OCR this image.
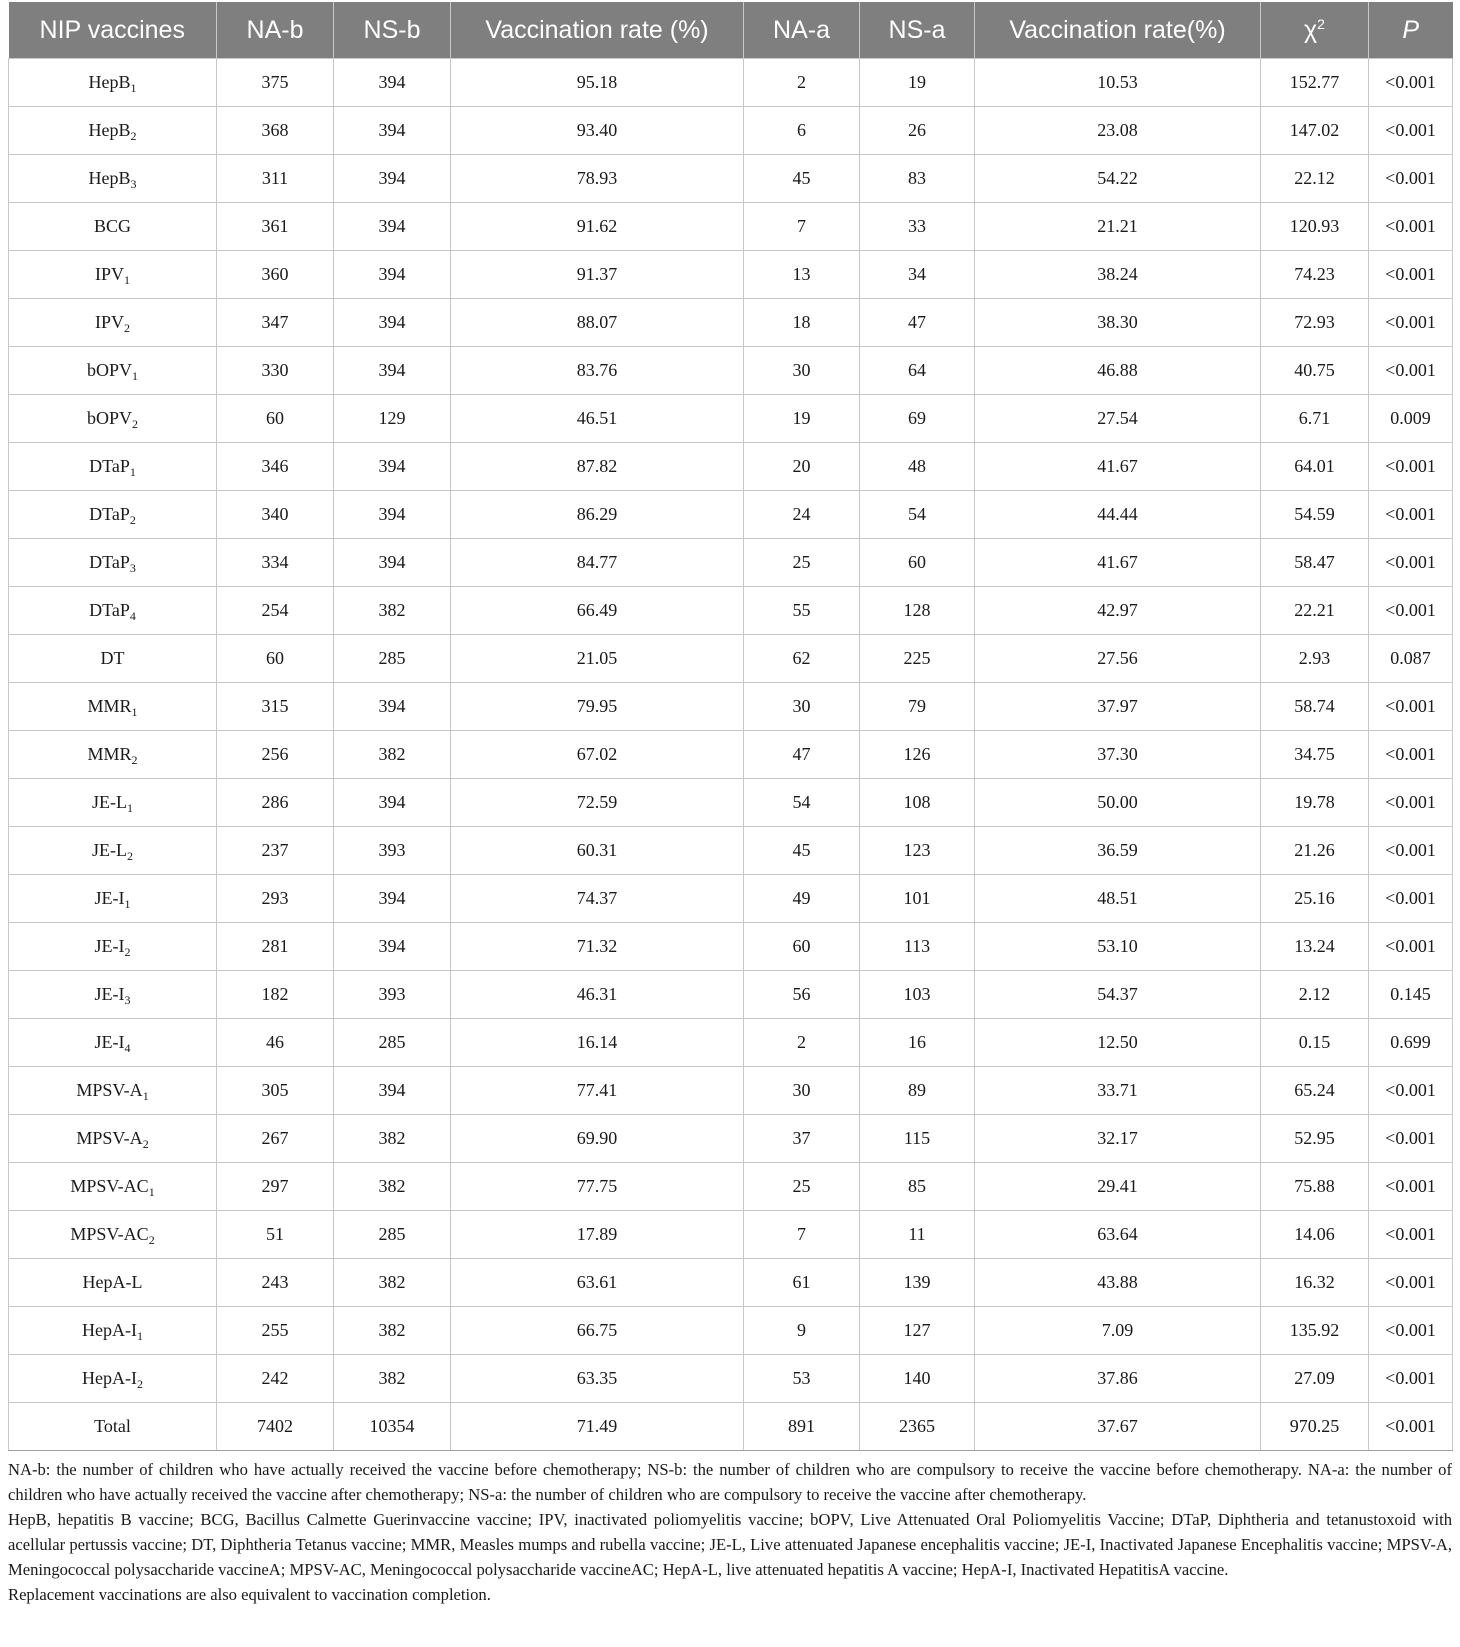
NIP vaccines	NA-b	NS-b	Vaccination rate (%)	NA-a	NS-a	Vaccination rate(%)	$\chi^2$	P
HepB$_1$	375	394	95.18	2	19	10.53	152.77	<0.001
HepB$_2$	368	394	93.40	6	26	23.08	147.02	<0.001
HepB$_3$	311	394	78.93	45	83	54.22	22.12	<0.001
BCG	361	394	91.62	7	33	21.21	120.93	<0.001
$IPV_1$	360	394	91.37	13	34	38.24	74.23	<0.001
$IPV_2$	347	394	88.07	18	47	38.30	72.93	<0.001
bOPV$_1$	330	394	83.76	30	64	46.88	40.75	<0.001
bOPV$_2$	60	129	46.51	19	69	27.54	6.71	0.009
DTaP$_1$	346	394	87.82	20	48	41.67	64.01	<0.001
DTaP$_2$	340	394	86.29	24	54	44.44	54.59	<0.001
DTaP$_3$	334	394	84.77	25	60	41.67	58.47	<0.001
DTaP$_4$	254	382	66.49	55	128	42.97	22.21	<0.001
DT	60	285	21.05	62	225	27.56	2.93	0.087
$MMR_1$	315	394	79.95	30	79	37.97	58.74	<0.001
$MMR_2$	256	382	67.02	47	126	37.30	34.75	<0.001
$JE-L_1$	286	394	72.59	54	108	50.00	19.78	<0.001
$JE-L_2$	237	393	60.31	45	123	36.59	21.26	<0.001
$JE-I_1$	293	394	74.37	49	101	48.51	25.16	<0.001
$JE-I_2$	281	394	71.32	60	113	53.10	13.24	<0.001
$JE-I_3$	182	393	46.31	56	103	54.37	2.12	0.145
$JE-I_4$	46	285	16.14	2	16	12.50	0.15	0.699
MPSV-$A_1$	305	394	77.41	30	89	33.71	65.24	<0.001
MPSV-$A_2$	267	382	69.90	37	115	32.17	52.95	<0.001
MPSV-$AC_1$	297	382	77.75	25	85	29.41	75.88	<0.001
MPSV-$AC_2$	51	285	17.89	7	11	63.64	14.06	<0.001
HepA-L	243	382	63.61	61	139	43.88	16.32	<0.001
HepA-$I_1$	255	382	66.75	9	127	7.09	135.92	<0.001
HepA-$I_2$	242	382	63.35	53	140	37.86	27.09	<0.001
Total	7402	10354	71.49	891	2365	37.67	970.25	<0.001

NA-b: the number of children who have actually received the vaccine before chemotherapy; NS-b: the number of children who are compulsory to receive the vaccine before chemotherapy. NA-a: the number of children who have actually received the vaccine after chemotherapy; NS-a: the number of children who are compulsory to receive the vaccine after chemotherapy.

HepB, hepatitis B vaccine; BCG, Bacillus Calmette Guerinvaccine vaccine; IPV, inactivated poliomyelitis vaccine; bOPV, Live Attenuated Oral Poliomyelitis Vaccine; DTaP, Diphtheria and tetanustoxoid with acellular pertussis vaccine; DT, Diphtheria Tetanus vaccine; MMR, Measles mumps and rubella vaccine; JE-L, Live attenuated Japanese encephalitis vaccine; JE-I, Inactivated Japanese Encephalitis vaccine; MPSV-A, Meningococcal polysaccharide vaccineA; MPSV-AC, Meningococcal polysaccharide vaccineAC; HepA-L, live attenuated hepatitis A vaccine; HepA-I, Inactivated HepatitisA vaccine.

Replacement vaccinations are also equivalent to vaccination completion.
